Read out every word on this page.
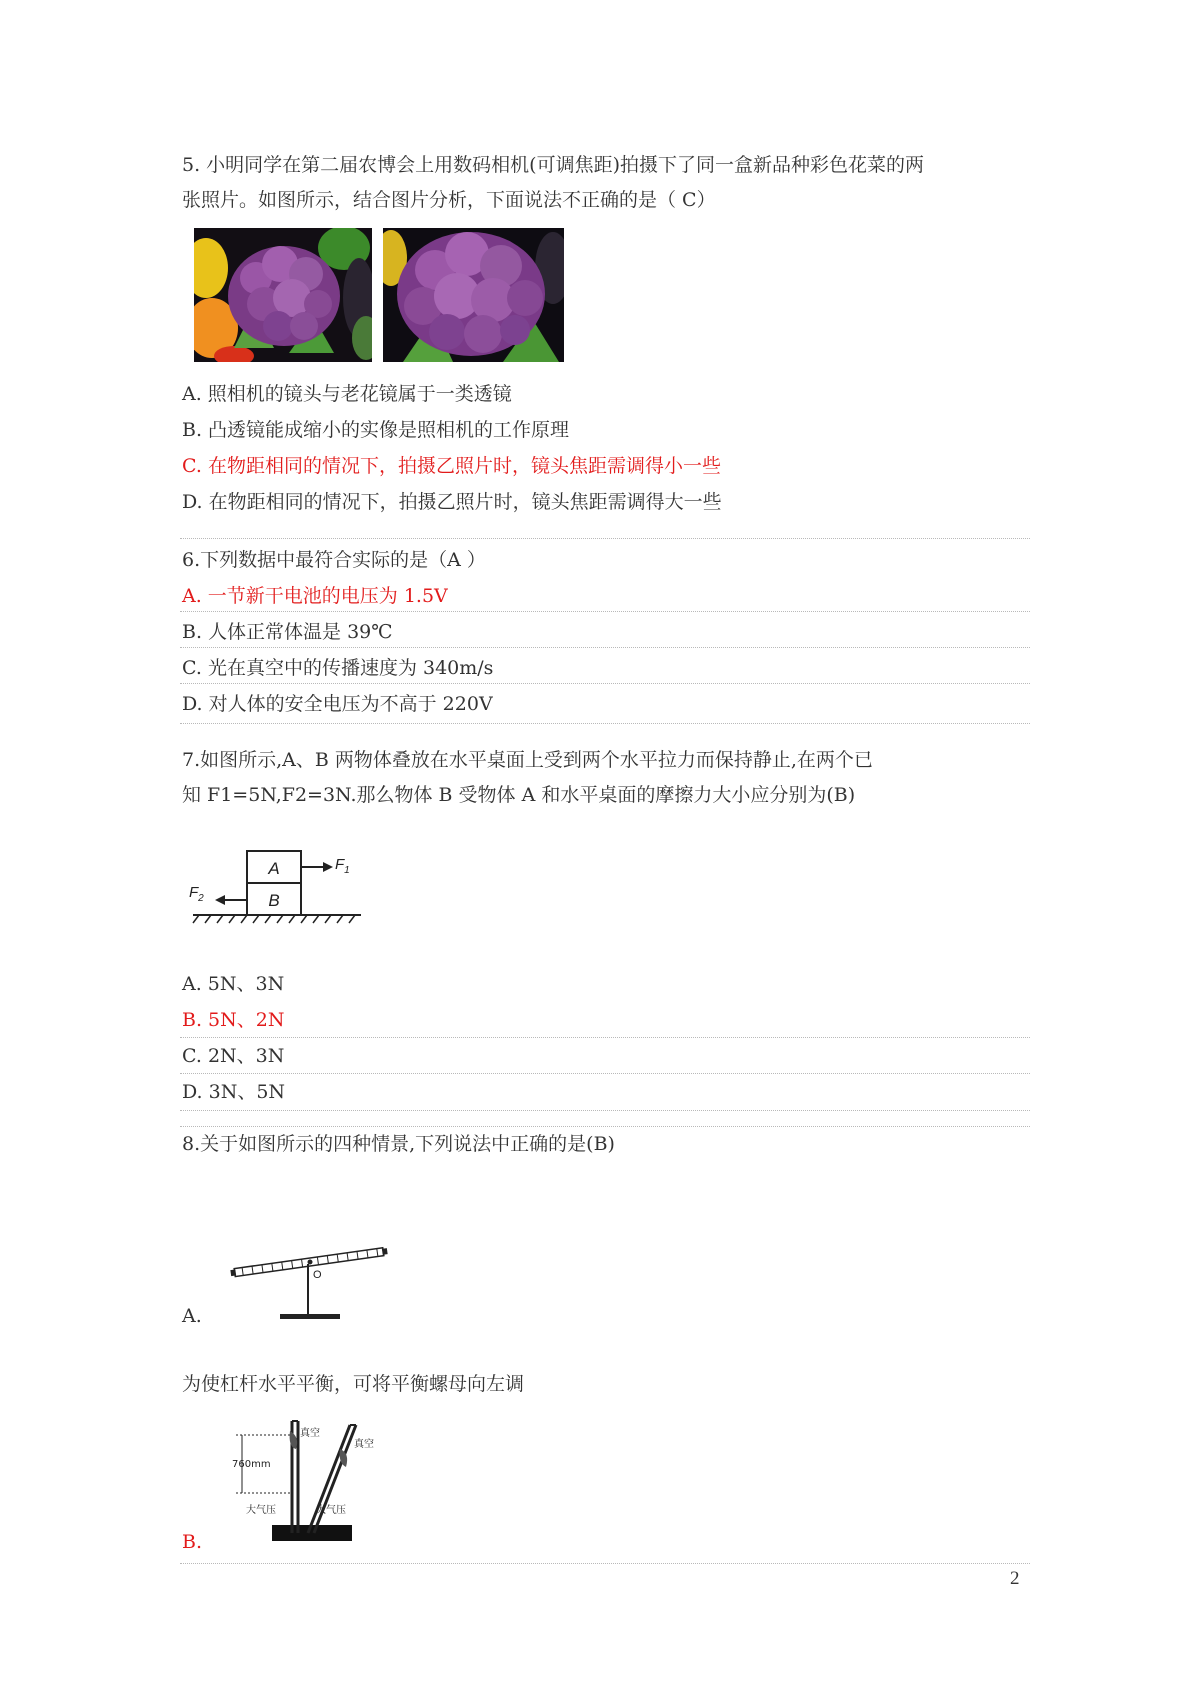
5. 小明同学在第二届农博会上用数码相机(可调焦距)拍摄下了同一盒新品种彩色花菜的两
张照片。如图所示，结合图片分析，下面说法不正确的是（ C）
A. 照相机的镜头与老花镜属于一类透镜
B. 凸透镜能成缩小的实像是照相机的工作原理
C. 在物距相同的情况下，拍摄乙照片时，镜头焦距需调得小一些
D. 在物距相同的情况下，拍摄乙照片时，镜头焦距需调得大一些
6.下列数据中最符合实际的是（A ）
A. 一节新干电池的电压为 1.5V
B. 人体正常体温是 39℃
C. 光在真空中的传播速度为 340m/s
D. 对人体的安全电压为不高于 220V
7.如图所示,A、B 两物体叠放在水平桌面上受到两个水平拉力而保持静止,在两个已
知 F1=5N,F2=3N.那么物体 B 受物体 A 和水平桌面的摩擦力大小应分别为(B)
A
B
$F_1$
$F_2$
A. 5N、3N
B. 5N、2N
C. 2N、3N
D. 3N、5N
8.关于如图所示的四种情景,下列说法中正确的是(B)
O
A.
为使杠杆水平平衡，可将平衡螺母向左调
真空
真空
760mm
大气压	大气压
B.
2
